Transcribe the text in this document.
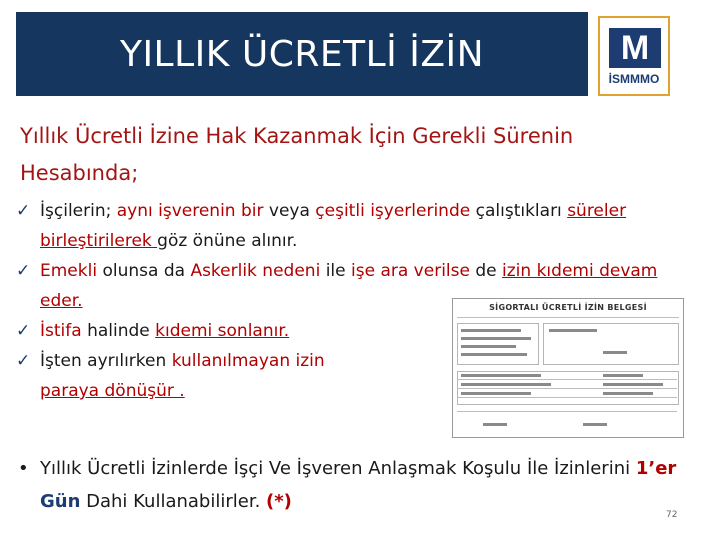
YILLIK ÜCRETLİ İZİN	M
m
İSMMMO
Yıllık Ücretli İzine Hak Kazanmak İçin Gerekli Sürenin Hesabında;
✓ İşçilerin; aynı işverenin bir veya çeşitli işyerlerinde çalıştıkları süreler birleştirilerek göz önüne alınır.
✓ Emekli olunsa da Askerlik nedeni ile işe ara verilse de izin kıdemi devam eder.
✓ İstifa halinde kıdemi sonlanır.
✓ İşten ayrılırken kullanılmayan izin
paraya dönüşür .
SİGORTALI ÜCRETLİ İZİN BELGESİ
• Yıllık Ücretli İzinlerde İşçi Ve İşveren Anlaşmak Koşulu İle İzinlerini 1’er Gün Dahi Kullanabilirler. (*)
72
